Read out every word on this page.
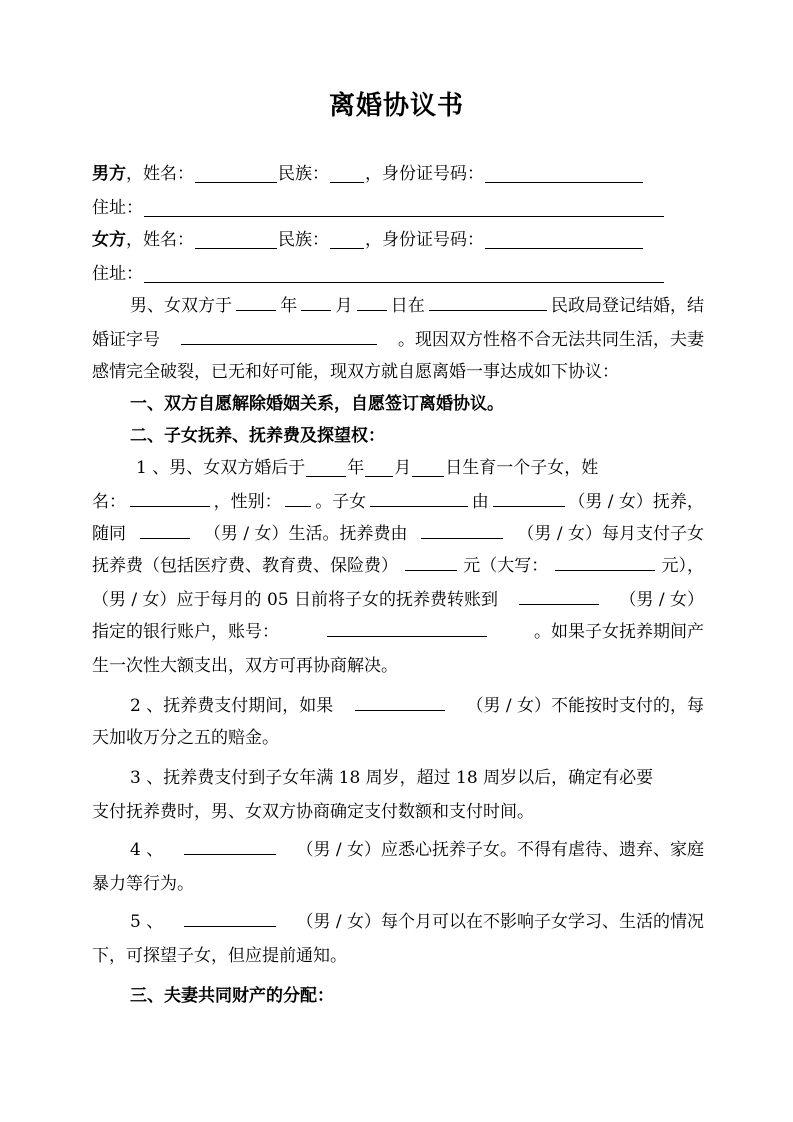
离婚协议书
男方，姓名：	民族： ，身份证号码：
住址：
女方，姓名：	民族： ，身份证号码：
住址：
男、女双方于	年 月 日在	民政局登记结婚，结
婚证字号	。现因双方性格不合无法共同生活，夫妻
感情完全破裂，已无和好可能，现双方就自愿离婚一事达成如下协议：
一、双方自愿解除婚姻关系，自愿签订离婚协议。
二、子女抚养、抚养费及探望权：
1 、男、女双方婚后于 年 月 日生育一个子女，姓
名：	，性别： 。子女	由	（男 / 女）抚养，
随同	（男 / 女）生活。抚养费由	（男 / 女）每月支付子女
抚养费（包括医疗费、教育费、保险费）	元（大写：	元），
（男 / 女）应于每月的 05 日前将子女的抚养费转账到	（男 / 女）
指定的银行账户，账号：	。如果子女抚养期间产
生一次性大额支出，双方可再协商解决。
2 、抚养费支付期间，如果	（男 / 女）不能按时支付的，每
天加收万分之五的赔金。
3 、抚养费支付到子女年满 18 周岁，超过 18 周岁以后，确定有必要
支付抚养费时，男、女双方协商确定支付数额和支付时间。
4 、	（男 / 女）应悉心抚养子女。不得有虐待、遗弃、家庭
暴力等行为。
5 、	（男 / 女）每个月可以在不影响子女学习、生活的情况
下，可探望子女，但应提前通知。
三、夫妻共同财产的分配：
